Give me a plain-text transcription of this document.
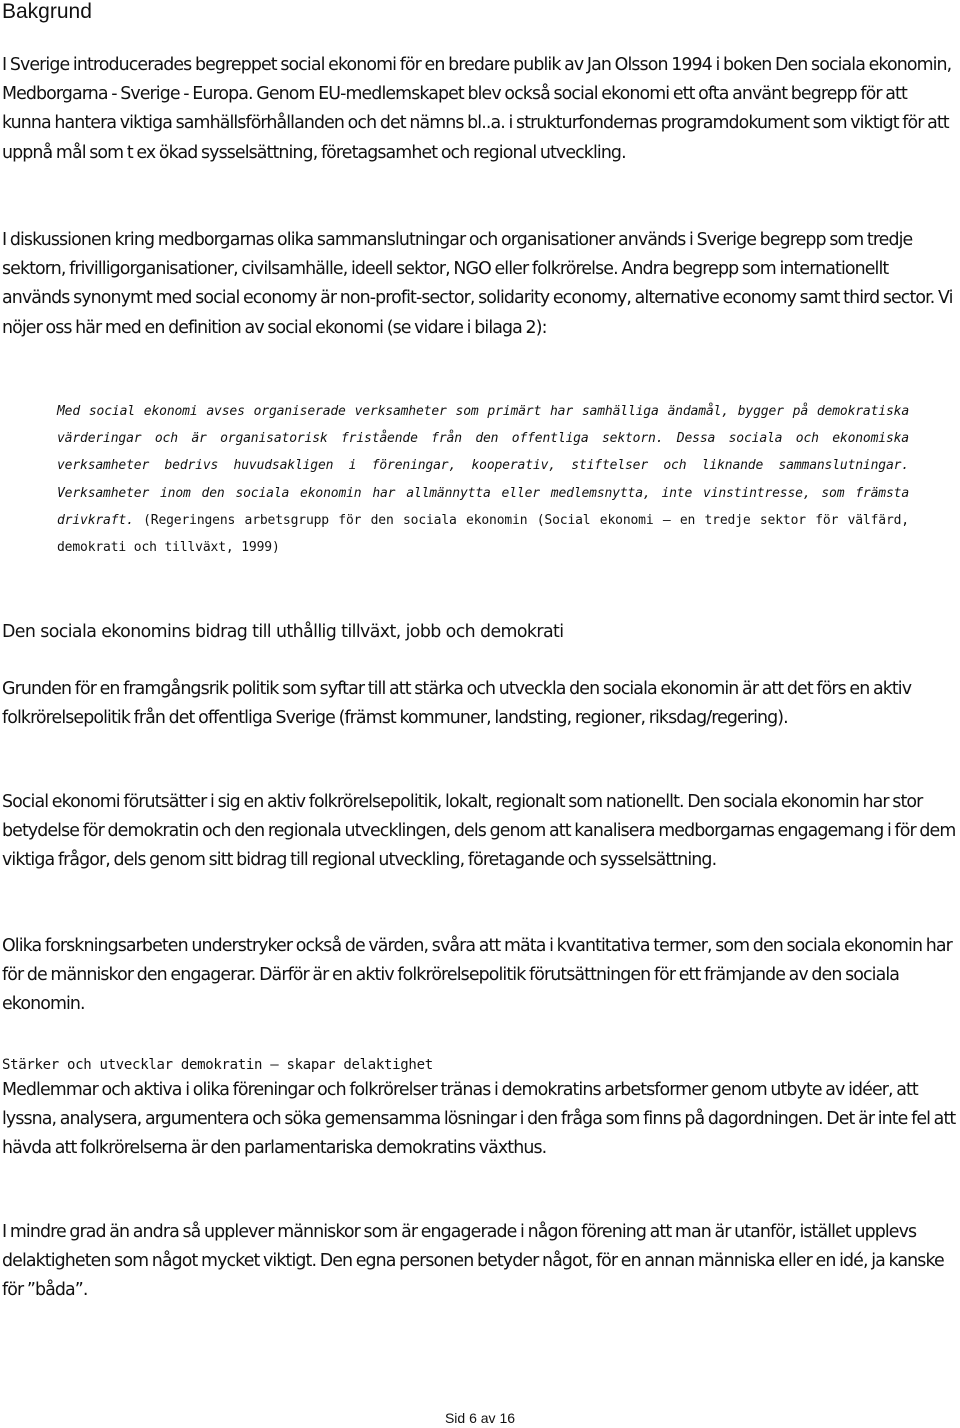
Bakgrund

I Sverige introducerades begreppet social ekonomi för en bredare publik av Jan Olsson 1994 i boken Den sociala ekonomin, Medborgarna - Sverige - Europa. Genom EU-medlemskapet blev också social ekonomi ett ofta använt begrepp för att kunna hantera viktiga samhällsförhållanden och det nämns bl..a. i strukturfondernas programdokument som viktigt för att uppnå mål som t ex ökad sysselsättning, företagsamhet och regional utveckling.

I diskussionen kring medborgarnas olika sammanslutningar och organisationer används i Sverige begrepp som tredje sektorn, frivilligorganisationer, civilsamhälle, ideell sektor, NGO eller folkrörelse. Andra begrepp som internationellt används synonymt med social economy är non-profit-sector, solidarity economy, alternative economy samt third sector. Vi nöjer oss här med en definition av social ekonomi (se vidare i bilaga 2):

Med social ekonomi avses organiserade verksamheter som primärt har samhälliga ändamål, bygger på demokratiska värderingar och är organisatorisk fristående från den offentliga sektorn. Dessa sociala och ekonomiska verksamheter bedrivs huvudsakligen i föreningar, kooperativ, stiftelser och liknande sammanslutningar. Verksamheter inom den sociala ekonomin har allmännytta eller medlemsnytta, inte vinstintresse, som främsta drivkraft. (Regeringens arbetsgrupp för den sociala ekonomin (Social ekonomi – en tredje sektor för välfärd, demokrati och tillväxt, 1999)
Den sociala ekonomins bidrag till uthållig tillväxt, jobb och demokrati

Grunden för en framgångsrik politik som syftar till att stärka och utveckla den sociala ekonomin är att det förs en aktiv folkrörelsepolitik från det offentliga Sverige (främst kommuner, landsting, regioner, riksdag/regering).

Social ekonomi förutsätter i sig en aktiv folkrörelsepolitik, lokalt, regionalt som nationellt. Den sociala ekonomin har stor betydelse för demokratin och den regionala utvecklingen, dels genom att kanalisera medborgarnas engagemang i för dem viktiga frågor, dels genom sitt bidrag till regional utveckling, företagande och sysselsättning.

Olika forskningsarbeten understryker också de värden, svåra att mäta i kvantitativa termer, som den sociala ekonomin har för de människor den engagerar. Därför är en aktiv folkrörelsepolitik förutsättningen för ett främjande av den sociala ekonomin.

Stärker och utvecklar demokratin – skapar delaktighet

Medlemmar och aktiva i olika föreningar och folkrörelser tränas i demokratins arbetsformer genom utbyte av idéer, att lyssna, analysera, argumentera och söka gemensamma lösningar i den fråga som finns på dagordningen. Det är inte fel att hävda att folkrörelserna är den parlamentariska demokratins växthus.

I mindre grad än andra så upplever människor som är engagerade i någon förening att man är utanför, istället upplevs delaktigheten som något mycket viktigt. Den egna personen betyder något, för en annan människa eller en idé, ja kanske för ”båda”.

Sid 6 av 16
